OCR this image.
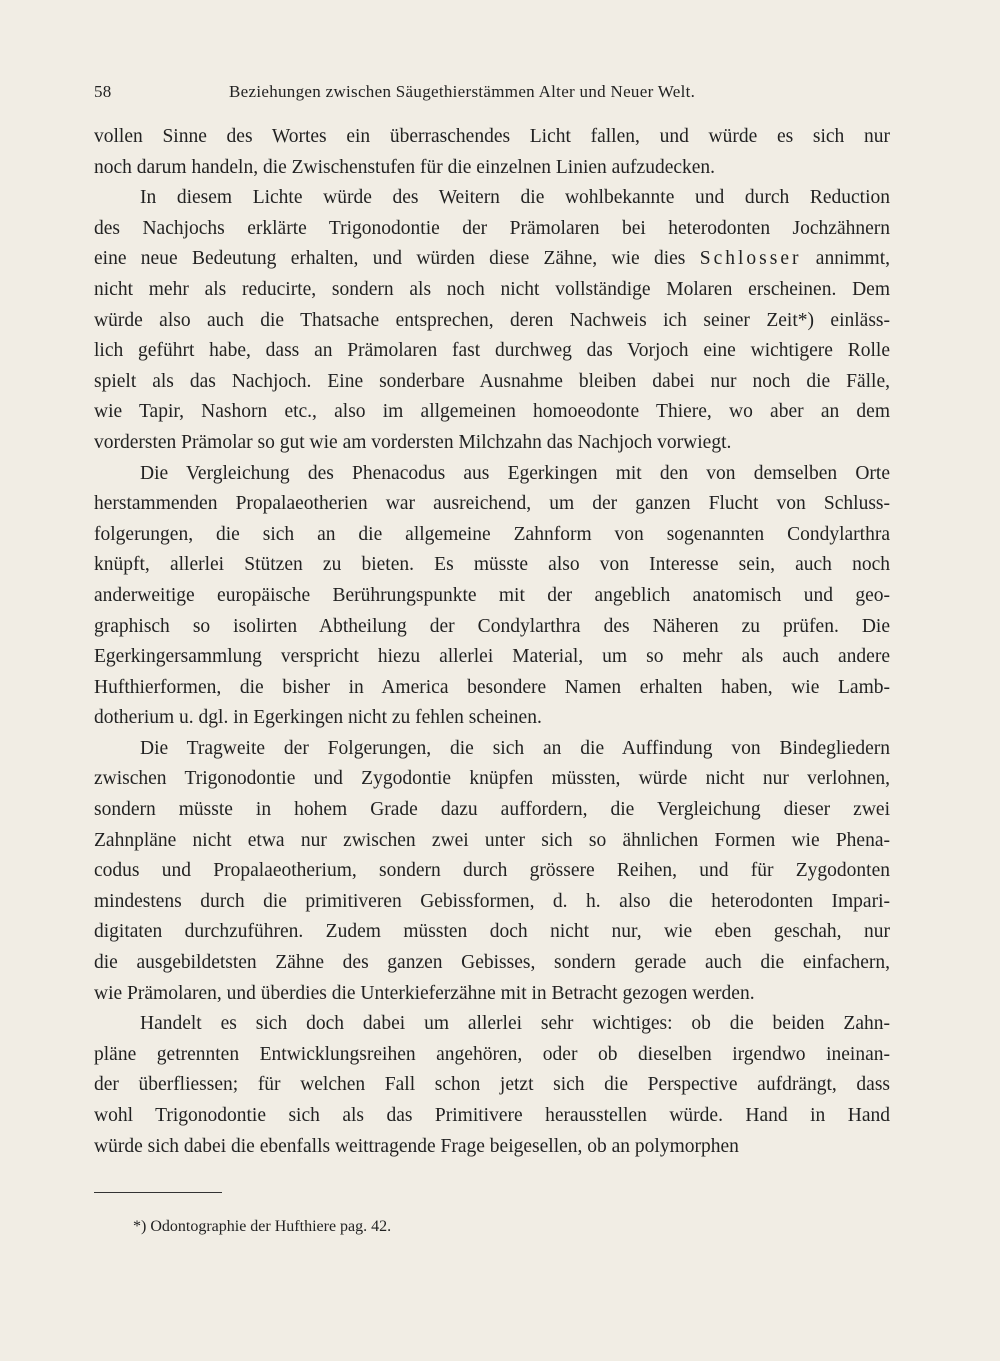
58	Beziehungen zwischen Säugethierstämmen Alter und Neuer Welt.
vollen Sinne des Wortes ein überraschendes Licht fallen, und würde es sich nur
noch darum handeln, die Zwischenstufen für die einzelnen Linien aufzudecken.
In diesem Lichte würde des Weitern die wohlbekannte und durch Reduction
des Nachjochs erklärte Trigonodontie der Prämolaren bei heterodonten Jochzähnern
eine neue Bedeutung erhalten, und würden diese Zähne, wie dies Schlosser annimmt,
nicht mehr als reducirte, sondern als noch nicht vollständige Molaren erscheinen. Dem
würde also auch die Thatsache entsprechen, deren Nachweis ich seiner Zeit*) einläss-
lich geführt habe, dass an Prämolaren fast durchweg das Vorjoch eine wichtigere Rolle
spielt als das Nachjoch. Eine sonderbare Ausnahme bleiben dabei nur noch die Fälle,
wie Tapir, Nashorn etc., also im allgemeinen homoeodonte Thiere, wo aber an dem
vordersten Prämolar so gut wie am vordersten Milchzahn das Nachjoch vorwiegt.
Die Vergleichung des Phenacodus aus Egerkingen mit den von demselben Orte
herstammenden Propalaeotherien war ausreichend, um der ganzen Flucht von Schluss-
folgerungen, die sich an die allgemeine Zahnform von sogenannten Condylarthra
knüpft, allerlei Stützen zu bieten. Es müsste also von Interesse sein, auch noch
anderweitige europäische Berührungspunkte mit der angeblich anatomisch und geo-
graphisch so isolirten Abtheilung der Condylarthra des Näheren zu prüfen. Die
Egerkingersammlung verspricht hiezu allerlei Material, um so mehr als auch andere
Hufthierformen, die bisher in America besondere Namen erhalten haben, wie Lamb-
dotherium u. dgl. in Egerkingen nicht zu fehlen scheinen.
Die Tragweite der Folgerungen, die sich an die Auffindung von Bindegliedern
zwischen Trigonodontie und Zygodontie knüpfen müssten, würde nicht nur verlohnen,
sondern müsste in hohem Grade dazu auffordern, die Vergleichung dieser zwei
Zahnpläne nicht etwa nur zwischen zwei unter sich so ähnlichen Formen wie Phena-
codus und Propalaeotherium, sondern durch grössere Reihen, und für Zygodonten
mindestens durch die primitiveren Gebissformen, d. h. also die heterodonten Impari-
digitaten durchzuführen. Zudem müssten doch nicht nur, wie eben geschah, nur
die ausgebildetsten Zähne des ganzen Gebisses, sondern gerade auch die einfachern,
wie Prämolaren, und überdies die Unterkieferzähne mit in Betracht gezogen werden.
Handelt es sich doch dabei um allerlei sehr wichtiges: ob die beiden Zahn-
pläne getrennten Entwicklungsreihen angehören, oder ob dieselben irgendwo ineinan-
der überfliessen; für welchen Fall schon jetzt sich die Perspective aufdrängt, dass
wohl Trigonodontie sich als das Primitivere herausstellen würde. Hand in Hand
würde sich dabei die ebenfalls weittragende Frage beigesellen, ob an polymorphen
*) Odontographie der Hufthiere pag. 42.
